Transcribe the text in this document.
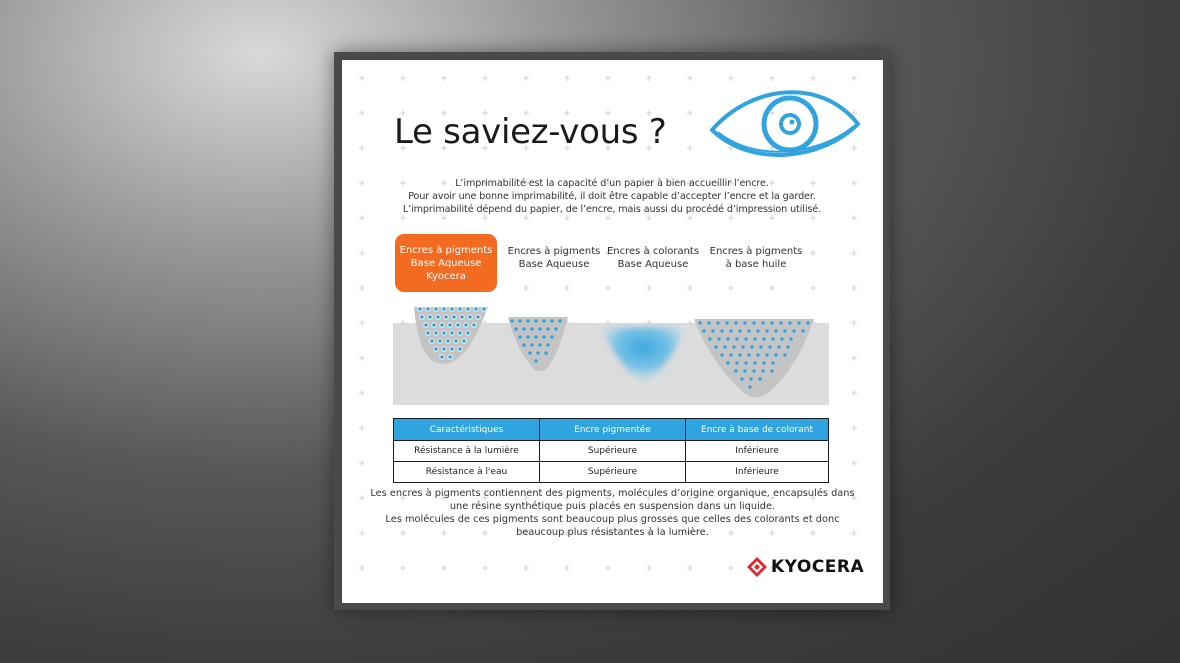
Le saviez-vous ?
L’imprimabilité est la capacité d’un papier à bien accueillir l’encre.
Pour avoir une bonne imprimabilité, il doit être capable d’accepter l’encre et la garder.
L’imprimabilité dépend du papier, de l’encre, mais aussi du procédé d’impression utilisé.
Encres à pigments
Base Aqueuse
Kyocera
Encres à pigments
Base Aqueuse
Encres à colorants
Base Aqueuse
Encres à pigments
à base huile
Caractéristiques	Encre pigmentée	Encre à base de colorant
Résistance à la lumière	Supérieure	Inférieure
Résistance à l'eau	Supérieure	Inférieure
Les encres à pigments contiennent des pigments, molécules d’origine organique, encapsulés dans
une résine synthétique puis placés en suspension dans un liquide.
Les molécules de ces pigments sont beaucoup plus grosses que celles des colorants et donc
beaucoup plus résistantes à la lumière.
KYOCERA
